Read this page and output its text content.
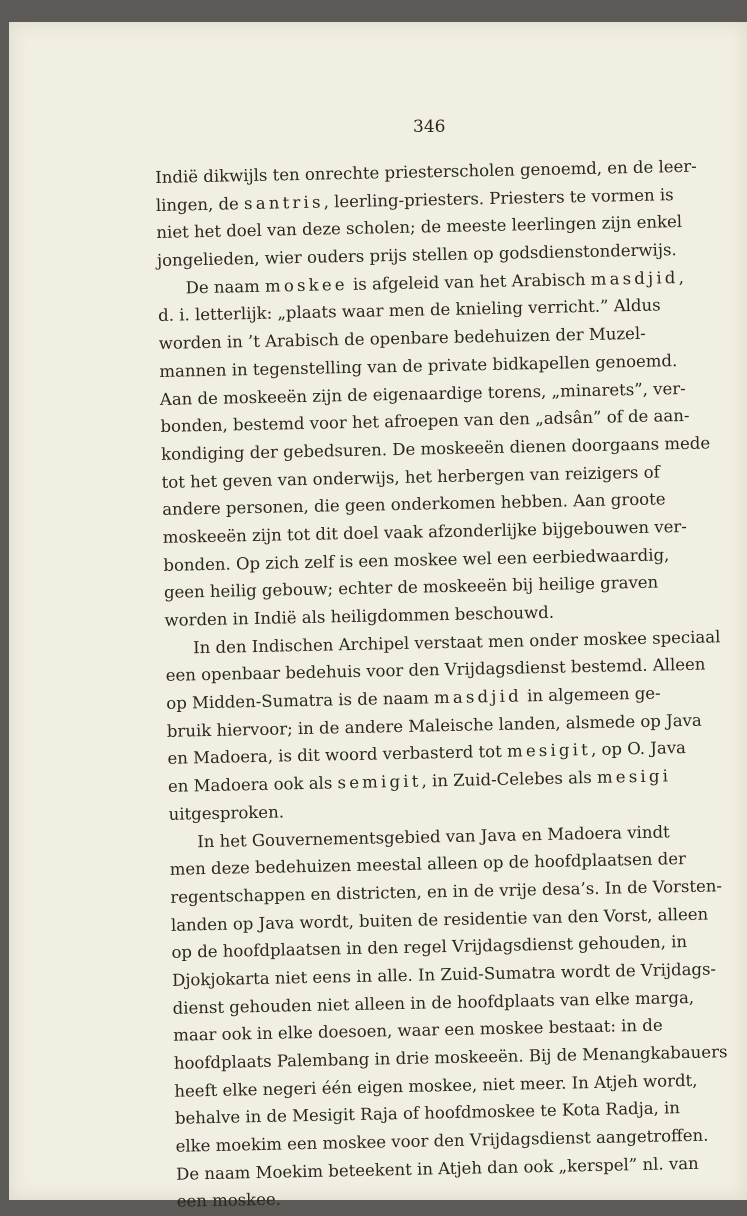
346
Indië dikwijls ten onrechte priesterscholen genoemd, en de leer-
lingen, de santris, leerling-priesters. Priesters te vormen is
niet het doel van deze scholen; de meeste leerlingen zijn enkel
jongelieden, wier ouders prijs stellen op godsdienstonderwijs.
De naam moskee is afgeleid van het Arabisch masdjid,
d. i. letterlijk: „plaats waar men de knieling verricht.” Aldus
worden in ’t Arabisch de openbare bedehuizen der Muzel-
mannen in tegenstelling van de private bidkapellen genoemd.
Aan de moskeeën zijn de eigenaardige torens, „minarets”, ver-
bonden, bestemd voor het afroepen van den „adsân” of de aan-
kondiging der gebedsuren. De moskeeën dienen doorgaans mede
tot het geven van onderwijs, het herbergen van reizigers of
andere personen, die geen onderkomen hebben. Aan groote
moskeeën zijn tot dit doel vaak afzonderlijke bijgebouwen ver-
bonden. Op zich zelf is een moskee wel een eerbiedwaardig,
geen heilig gebouw; echter de moskeeën bij heilige graven
worden in Indië als heiligdommen beschouwd.
In den Indischen Archipel verstaat men onder moskee speciaal
een openbaar bedehuis voor den Vrijdagsdienst bestemd. Alleen
op Midden-Sumatra is de naam masdjid in algemeen ge-
bruik hiervoor; in de andere Maleische landen, alsmede op Java
en Madoera, is dit woord verbasterd tot mesigit, op O. Java
en Madoera ook als semigit, in Zuid-Celebes als mesigi
uitgesproken.
In het Gouvernementsgebied van Java en Madoera vindt
men deze bedehuizen meestal alleen op de hoofdplaatsen der
regentschappen en districten, en in de vrije desa’s. In de Vorsten-
landen op Java wordt, buiten de residentie van den Vorst, alleen
op de hoofdplaatsen in den regel Vrijdagsdienst gehouden, in
Djokjokarta niet eens in alle. In Zuid-Sumatra wordt de Vrijdags-
dienst gehouden niet alleen in de hoofdplaats van elke marga,
maar ook in elke doesoen, waar een moskee bestaat: in de
hoofdplaats Palembang in drie moskeeën. Bij de Menangkabauers
heeft elke negeri één eigen moskee, niet meer. In Atjeh wordt,
behalve in de Mesigit Raja of hoofdmoskee te Kota Radja, in
elke moekim een moskee voor den Vrijdagsdienst aangetroffen.
De naam Moekim beteekent in Atjeh dan ook „kerspel” nl. van
een moskee.
